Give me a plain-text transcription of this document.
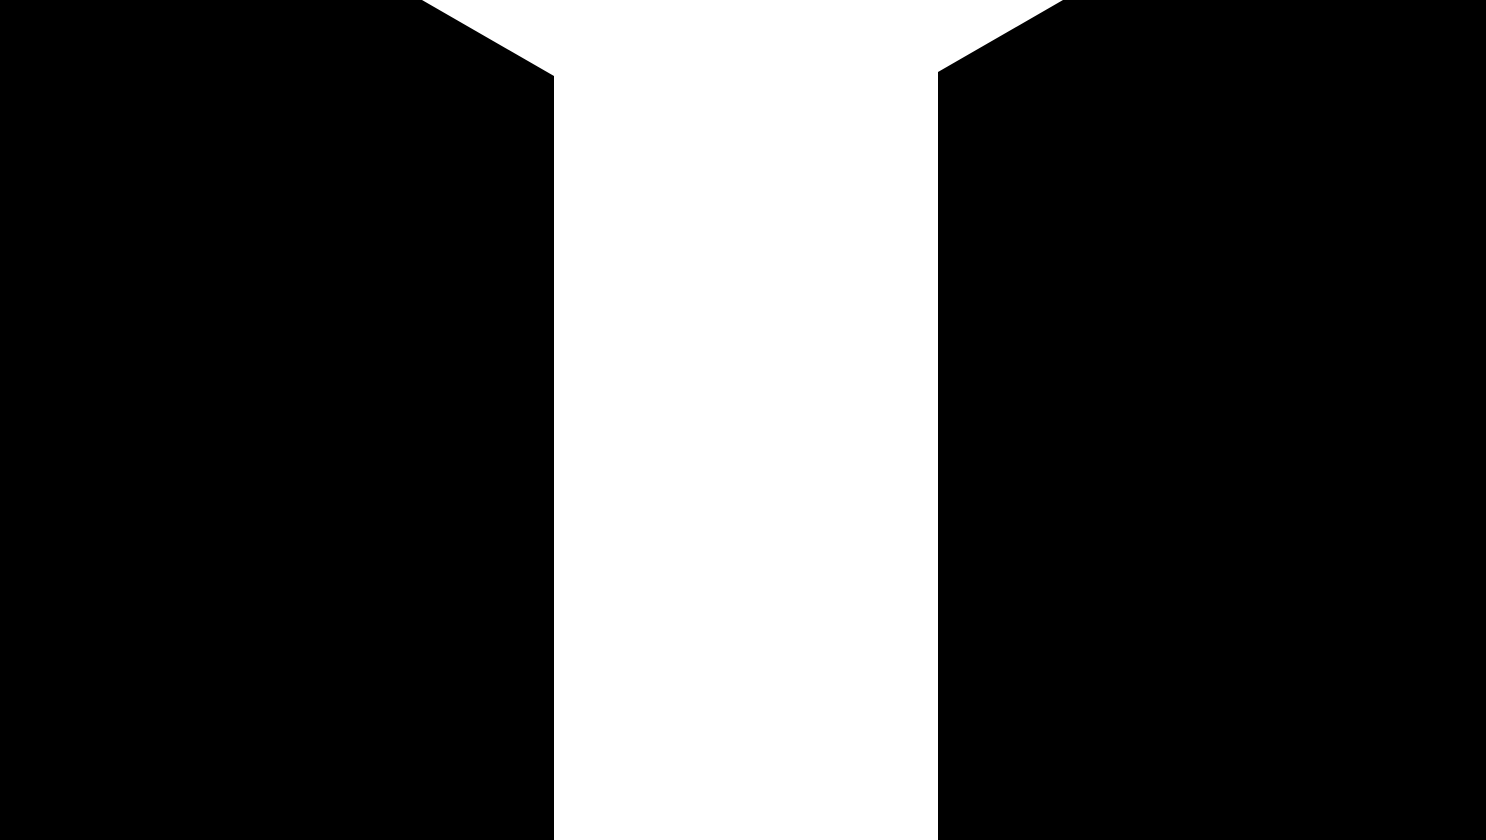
SKENAARIO 4:
DIGIHEIMOJEN
MAAILMA
• Rakennamme ja otamme käyttöön uusia toimintamalleja (Quick start -kokeilukulttuurimalli),
joilla voidaan nopeasti tuottaa uusia tuotteita tai palveluja.
• Lisäämme verkostoitumista ja otamme aktiivisen roolin valittujen verkostojen vetäjänä tai
edistäjänä.
• Luomme alueelle hyvät mahdollisuudet uudelleen kouluttautua ja työllistyä nopeasti
uusiin töihin.
• Varmistamme että Etelä-Savossa on kilpailukykyiset ja erittäin nopeat tietoliikenneyhteydet
ja korkea toimitusvarmuus.
• Osaamme hyödyntää ihmis-, tavara-, tieto- ja palveluvirtoja kokonaisvaltaisesti.
• Markkinoimme Etelä-Savoa turvallisena ja edullisena digiyritysten ja datakeskusten
sijoittautumisalueena
• Lobbaamme, jotta automaation vuoksi halpamaista Suomeen palautuva tuotanto
sijoittuu Etelä-Savoon.
• Kehitämme koulutusta tutkintoperusteisuudesta osaamisperusteisuuteen.
• Vahvoja toimialoja: sähköiset palvelut, edistyksellinen analytiikka ja IoT, 3D-tulostus,
datan varastointi, ympäristöteknologia, kiertotalouden ratkaisut jne.
SKENAARIO 3:
KEKKOSLANDIA 2.0
• Varmistamme, että Etelä-Savolle keskeinen infrastruktuuri luetaan pääväyläksi eli ainakin
Savon rata ja/tai 5-tie pysyvät kunnossa
• Vahvistamme edellytyksiä ja verkostoja toimia Venäjällä. Varmistamme, että Suomen ja
Venäjän välinen liikenne ja matkailu kulkeutuu mahdollisimman paljon Etelä-Savoon tai sen
kautta lisäämällä tunnettuutta Venäjällä ja avaamalla Parikkalan rajanylityspaikan.
• Tavoittelemme digitalisaation, automatisaation ja uusien logistiikan muotojen tehokkaampaa
hyödyntämistä saavutettavuuden parantamiseksi.
• Lisäämme ja tuemme yritysten ja asukkaiden omaa vastuunottoa: yksilöiden ja yhteisöjen
roolin lisääminen
• Markkinoinnin painopisteiksi nostetaan edullisuus, turvallisuus ja aineettomat, ilmaiset
vetovoimatekijät. Mahdollistamme edullisen asumisen myös jatkossa.
• Kehitämme ja rajaamme alueen korkeakoulutusta muista erottuvaksi. Korostamme
tutkimuksen ja koulutuksen tuottavuutta.
• Vahvoja toimialoja: metsäteollisuus, edullisten raaka-aineiden jatkojalostus,
terveys- ja hyvinvointipalvelut
SKENAARIO 1:
ALUEIDEN SUOMI UUDESSA
MAAILMANJÄRJESTYKSESSÄ
• Panostamme biotalouden vientialoihin ja vientiosaami-seen. Verkostoidumme erityisesti
Venäjän suuntaan.
• Varmistamme, että infrastruktuuri mahdollistaa luonnonresurssien hyödyntämisen.
Lisäämme raaka-aineiden jalostusastetta.
• Lisäämme tehokkuutta ja kilpailukykyä digitalisaation, automatisaation ja logistiikan
ratkaisuilla.
• Vahvistamme brändiä puhtaana, luonnonympäristöltä rikkaana ja turvallisena
matkailu- ja asumiskohteena. Keskitymme markkinoinnissa Venäjään ja kotimaahan.
• Panostamme kulttuuriin monipuolistamalla tarjontaa ja luomalla kulttuuriklustereita.
• Varmistamme, että saamme suuren määrän maahan-muuttajia kotoutettua ja työelämään
nopeasti.
• Profiloidumme kestävän kehityksen alueeksi: mm. vetyauton tankkauspisteet.
• Vahvoja toimialoja: biotalous (metsäresurssien monimuotoinen hyödyntäminen),
Venäjälle suuntautuvat raaka-aineiden jalostuksen ratkaisut, ympäristöteknologia,
uusiutuvan energian ratkaisut, elintarviketeollisuus, luomu, hyvinvointipalvelut ja kulttuuri.
SKENAARIO 2:
EU HIEKKALAATIKKONA
• Vahvistamme alueen näkyvyyttä ja lobbausta EU:ssa.
• Teemme selkeät valinnat ja panostamme EU:n näkökulmasta houkuttelevin toimialoihin.
Hyödynnämme älykästä erikoistumista ja rakennamme vahvoja verkottuneita klustereita.
• Kehitämme elinkeinoelämän kilpailukykyä kiristyvässä kansainvälistyvässä kilpailutilanteessa.
• Vaikutamme eurooppalaisiin suuriin yrityksiin, jotta ne investoisivat alueelle ja työllistäisivät
eteläsavolaisia.
• Kaavoituksessa panostamme keskuksiin ja tehokkuu-teen. Kaavoitus tukee raaka-aineiden
hyödyntämistä.
• Matkailussa rakennamme suurempia kokonaisuuksia Saimaa brändin ympärille.
Panostamme eurooppalaisiin ja aasialaisiin matkailijoihin. Investoimme turismi-infraan.
• Koulutuksessa panostamme valittuihin erikoistumis-aloihin ja kansainvälistymiseen.
Houkuttelemme eurooppalaisia opiskelijoita ja osaajia alueelle.
• Vahvoja toimialoja: metsäbiomassan monimuotoinen käyttö (fokus pois bioenergiasta),
turvallisuusteknologia, terveysteknologia, ympäristöteknologia. Alkutuotannossa
keskitymme vain vahvuuksiin.
